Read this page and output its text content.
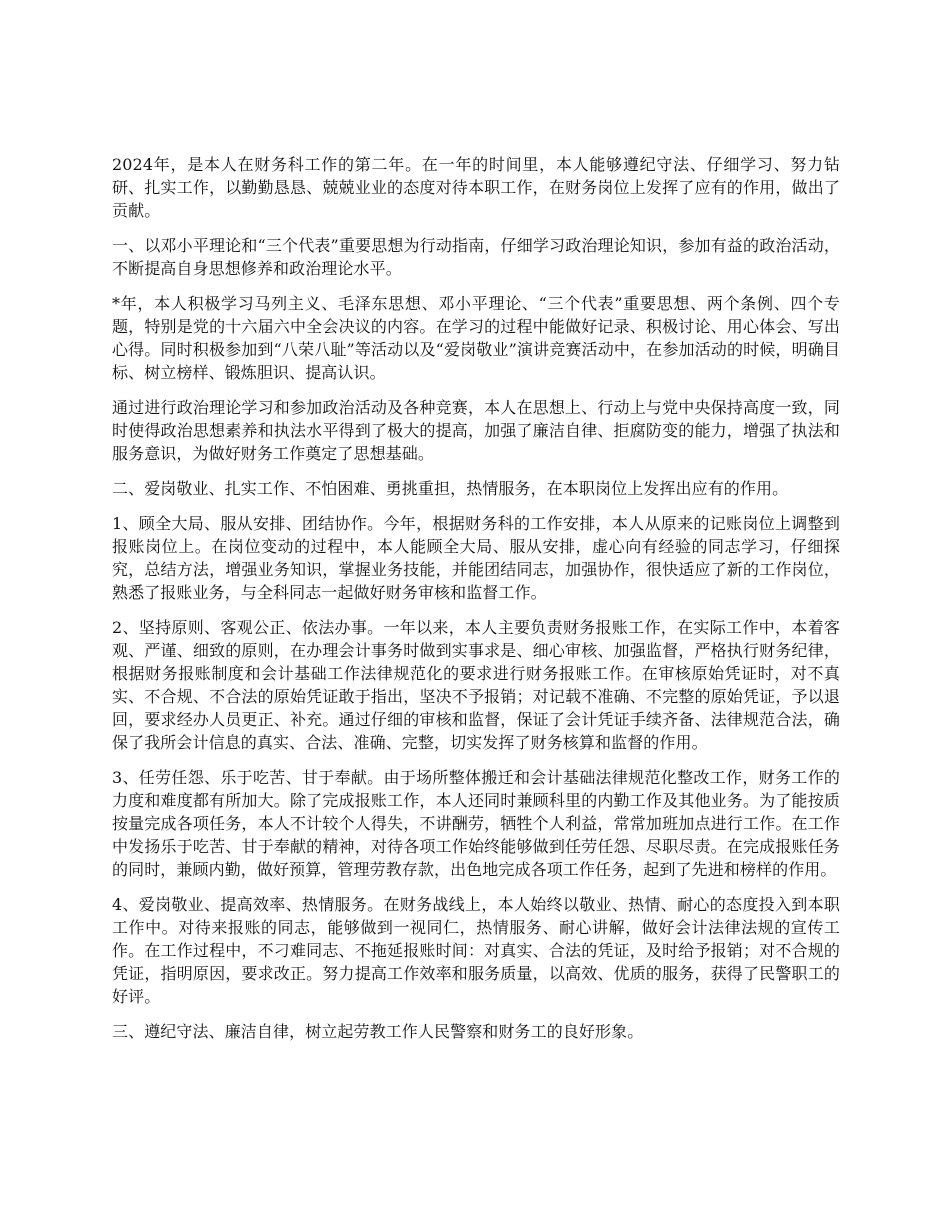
2024年，是本人在财务科工作的第二年。在一年的时间里，本人能够遵纪守法、仔细学习、努力钻研、扎实工作，以勤勤恳恳、兢兢业业的态度对待本职工作，在财务岗位上发挥了应有的作用，做出了贡献。

一、以邓小平理论和“三个代表”重要思想为行动指南，仔细学习政治理论知识，参加有益的政治活动，不断提高自身思想修养和政治理论水平。

*年，本人积极学习马列主义、毛泽东思想、邓小平理论、“三个代表”重要思想、两个条例、四个专题，特别是党的十六届六中全会决议的内容。在学习的过程中能做好记录、积极讨论、用心体会、写出心得。同时积极参加到“八荣八耻”等活动以及“爱岗敬业”演讲竞赛活动中，在参加活动的时候，明确目标、树立榜样、锻炼胆识、提高认识。

通过进行政治理论学习和参加政治活动及各种竞赛，本人在思想上、行动上与党中央保持高度一致，同时使得政治思想素养和执法水平得到了极大的提高，加强了廉洁自律、拒腐防变的能力，增强了执法和服务意识，为做好财务工作奠定了思想基础。

二、爱岗敬业、扎实工作、不怕困难、勇挑重担，热情服务，在本职岗位上发挥出应有的作用。

1、顾全大局、服从安排、团结协作。今年，根据财务科的工作安排，本人从原来的记账岗位上调整到报账岗位上。在岗位变动的过程中，本人能顾全大局、服从安排，虚心向有经验的同志学习，仔细探究，总结方法，增强业务知识，掌握业务技能，并能团结同志，加强协作，很快适应了新的工作岗位，熟悉了报账业务，与全科同志一起做好财务审核和监督工作。

2、坚持原则、客观公正、依法办事。一年以来，本人主要负责财务报账工作，在实际工作中，本着客观、严谨、细致的原则，在办理会计事务时做到实事求是、细心审核、加强监督，严格执行财务纪律，根据财务报账制度和会计基础工作法律规范化的要求进行财务报账工作。在审核原始凭证时，对不真实、不合规、不合法的原始凭证敢于指出，坚决不予报销；对记载不准确、不完整的原始凭证，予以退回，要求经办人员更正、补充。通过仔细的审核和监督，保证了会计凭证手续齐备、法律规范合法，确保了我所会计信息的真实、合法、准确、完整，切实发挥了财务核算和监督的作用。

3、任劳任怨、乐于吃苦、甘于奉献。由于场所整体搬迁和会计基础法律规范化整改工作，财务工作的力度和难度都有所加大。除了完成报账工作，本人还同时兼顾科里的内勤工作及其他业务。为了能按质按量完成各项任务，本人不计较个人得失，不讲酬劳，牺牲个人利益，常常加班加点进行工作。在工作中发扬乐于吃苦、甘于奉献的精神，对待各项工作始终能够做到任劳任怨、尽职尽责。在完成报账任务的同时，兼顾内勤，做好预算，管理劳教存款，出色地完成各项工作任务，起到了先进和榜样的作用。

4、爱岗敬业、提高效率、热情服务。在财务战线上，本人始终以敬业、热情、耐心的态度投入到本职工作中。对待来报账的同志，能够做到一视同仁，热情服务、耐心讲解，做好会计法律法规的宣传工作。在工作过程中，不刁难同志、不拖延报账时间：对真实、合法的凭证，及时给予报销；对不合规的凭证，指明原因，要求改正。努力提高工作效率和服务质量，以高效、优质的服务，获得了民警职工的好评。

三、遵纪守法、廉洁自律，树立起劳教工作人民警察和财务工的良好形象。
